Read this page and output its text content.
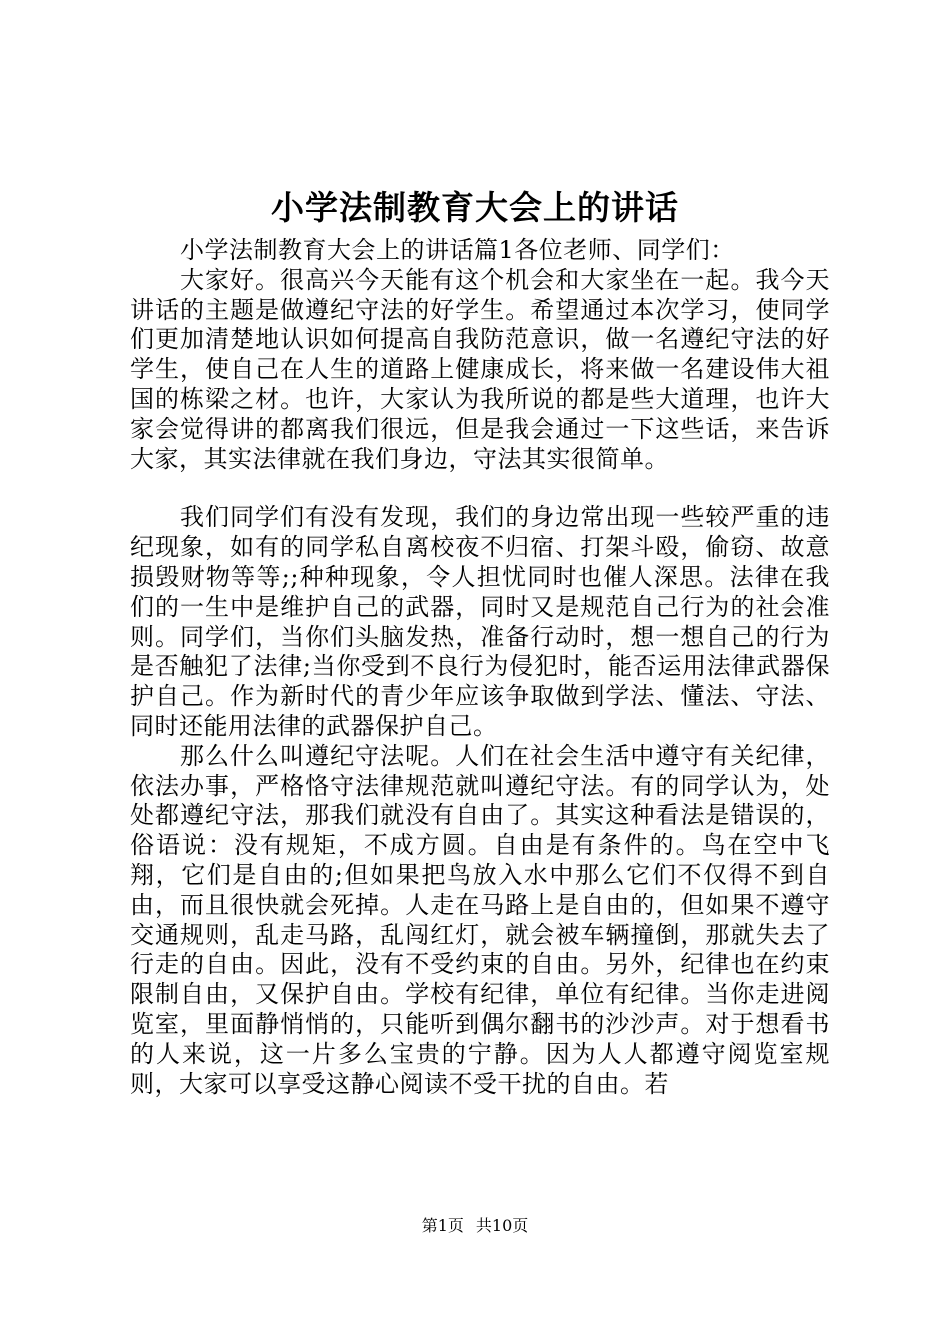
小学法制教育大会上的讲话

小学法制教育大会上的讲话篇1各位老师、同学们：

大家好。很高兴今天能有这个机会和大家坐在一起。我今天讲话的主题是做遵纪守法的好学生。希望通过本次学习，使同学们更加清楚地认识如何提高自我防范意识，做一名遵纪守法的好学生，使自己在人生的道路上健康成长，将来做一名建设伟大祖国的栋梁之材。也许，大家认为我所说的都是些大道理，也许大家会觉得讲的都离我们很远，但是我会通过一下这些话，来告诉大家，其实法律就在我们身边，守法其实很简单。

我们同学们有没有发现，我们的身边常出现一些较严重的违纪现象，如有的同学私自离校夜不归宿、打架斗殴，偷窃、故意损毁财物等等;;种种现象，令人担忧同时也催人深思。法律在我们的一生中是维护自己的武器，同时又是规范自己行为的社会准则。同学们，当你们头脑发热，准备行动时，想一想自己的行为是否触犯了法律;当你受到不良行为侵犯时，能否运用法律武器保护自己。作为新时代的青少年应该争取做到学法、懂法、守法、同时还能用法律的武器保护自己。

那么什么叫遵纪守法呢。人们在社会生活中遵守有关纪律，依法办事，严格恪守法律规范就叫遵纪守法。有的同学认为，处处都遵纪守法，那我们就没有自由了。其实这种看法是错误的，俗语说：没有规矩，不成方圆。自由是有条件的。鸟在空中飞翔，它们是自由的;但如果把鸟放入水中那么它们不仅得不到自由，而且很快就会死掉。人走在马路上是自由的，但如果不遵守交通规则，乱走马路，乱闯红灯，就会被车辆撞倒，那就失去了行走的自由。因此，没有不受约束的自由。另外，纪律也在约束限制自由，又保护自由。学校有纪律，单位有纪律。当你走进阅览室，里面静悄悄的，只能听到偶尔翻书的沙沙声。对于想看书的人来说，这一片多么宝贵的宁静。因为人人都遵守阅览室规则，大家可以享受这静心阅读不受干扰的自由。若

第1页 共10页
